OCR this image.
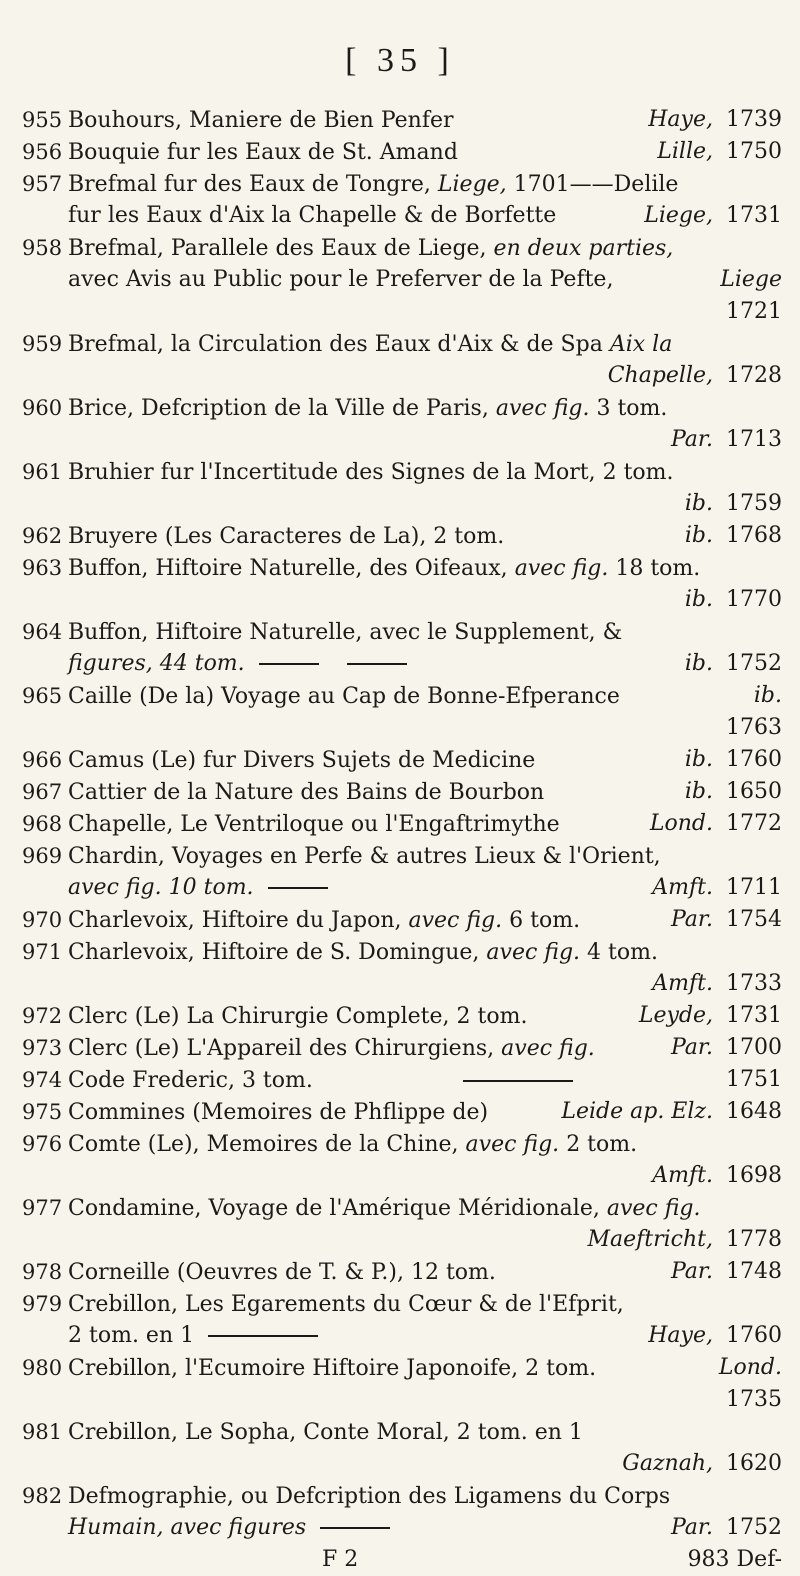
[ 35 ]
955 Bouhours, Maniere de Bien Penfer	Haye, 1739
956 Bouquie fur les Eaux de St. Amand	Lille, 1750
957 Brefmal fur des Eaux de Tongre, Liege, 1701——Delile
fur les Eaux d'Aix la Chapelle & de Borfette	Liege, 1731
958 Brefmal, Parallele des Eaux de Liege, en deux parties,
avec Avis au Public pour le Preferver de la Pefte,	Liege
1721
959 Brefmal, la Circulation des Eaux d'Aix & de Spa Aix la
Chapelle, 1728
960 Brice, Defcription de la Ville de Paris, avec fig. 3 tom.
Par. 1713
961 Bruhier fur l'Incertitude des Signes de la Mort, 2 tom.
ib. 1759
962 Bruyere (Les Caracteres de La), 2 tom.	ib. 1768
963 Buffon, Hiftoire Naturelle, des Oifeaux, avec fig. 18 tom.
ib. 1770
964 Buffon, Hiftoire Naturelle, avec le Supplement, &
figures, 44 tom.	ib. 1752
965 Caille (De la) Voyage au Cap de Bonne-Efperance	ib.
1763
966 Camus (Le) fur Divers Sujets de Medicine	ib. 1760
967 Cattier de la Nature des Bains de Bourbon	ib. 1650
968 Chapelle, Le Ventriloque ou l'Engaftrimythe	Lond. 1772
969 Chardin, Voyages en Perfe & autres Lieux & l'Orient,
avec fig. 10 tom.	Amft. 1711
970 Charlevoix, Hiftoire du Japon, avec fig. 6 tom.	Par. 1754
971 Charlevoix, Hiftoire de S. Domingue, avec fig. 4 tom.
Amft. 1733
972 Clerc (Le) La Chirurgie Complete, 2 tom.	Leyde, 1731
973 Clerc (Le) L'Appareil des Chirurgiens, avec fig.	Par. 1700
974 Code Frederic, 3 tom.	1751
975 Commines (Memoires de Phflippe de)	Leide ap. Elz. 1648
976 Comte (Le), Memoires de la Chine, avec fig. 2 tom.
Amft. 1698
977 Condamine, Voyage de l'Amérique Méridionale, avec fig.
Maeftricht, 1778
978 Corneille (Oeuvres de T. & P.), 12 tom.	Par. 1748
979 Crebillon, Les Egarements du Cœur & de l'Efprit,
2 tom. en 1	Haye, 1760
980 Crebillon, l'Ecumoire Hiftoire Japonoife, 2 tom.	Lond.
1735
981 Crebillon, Le Sopha, Conte Moral, 2 tom. en 1
Gaznah, 1620
982 Defmographie, ou Defcription des Ligamens du Corps
Humain, avec figures	Par. 1752
F 2	983 Def-
